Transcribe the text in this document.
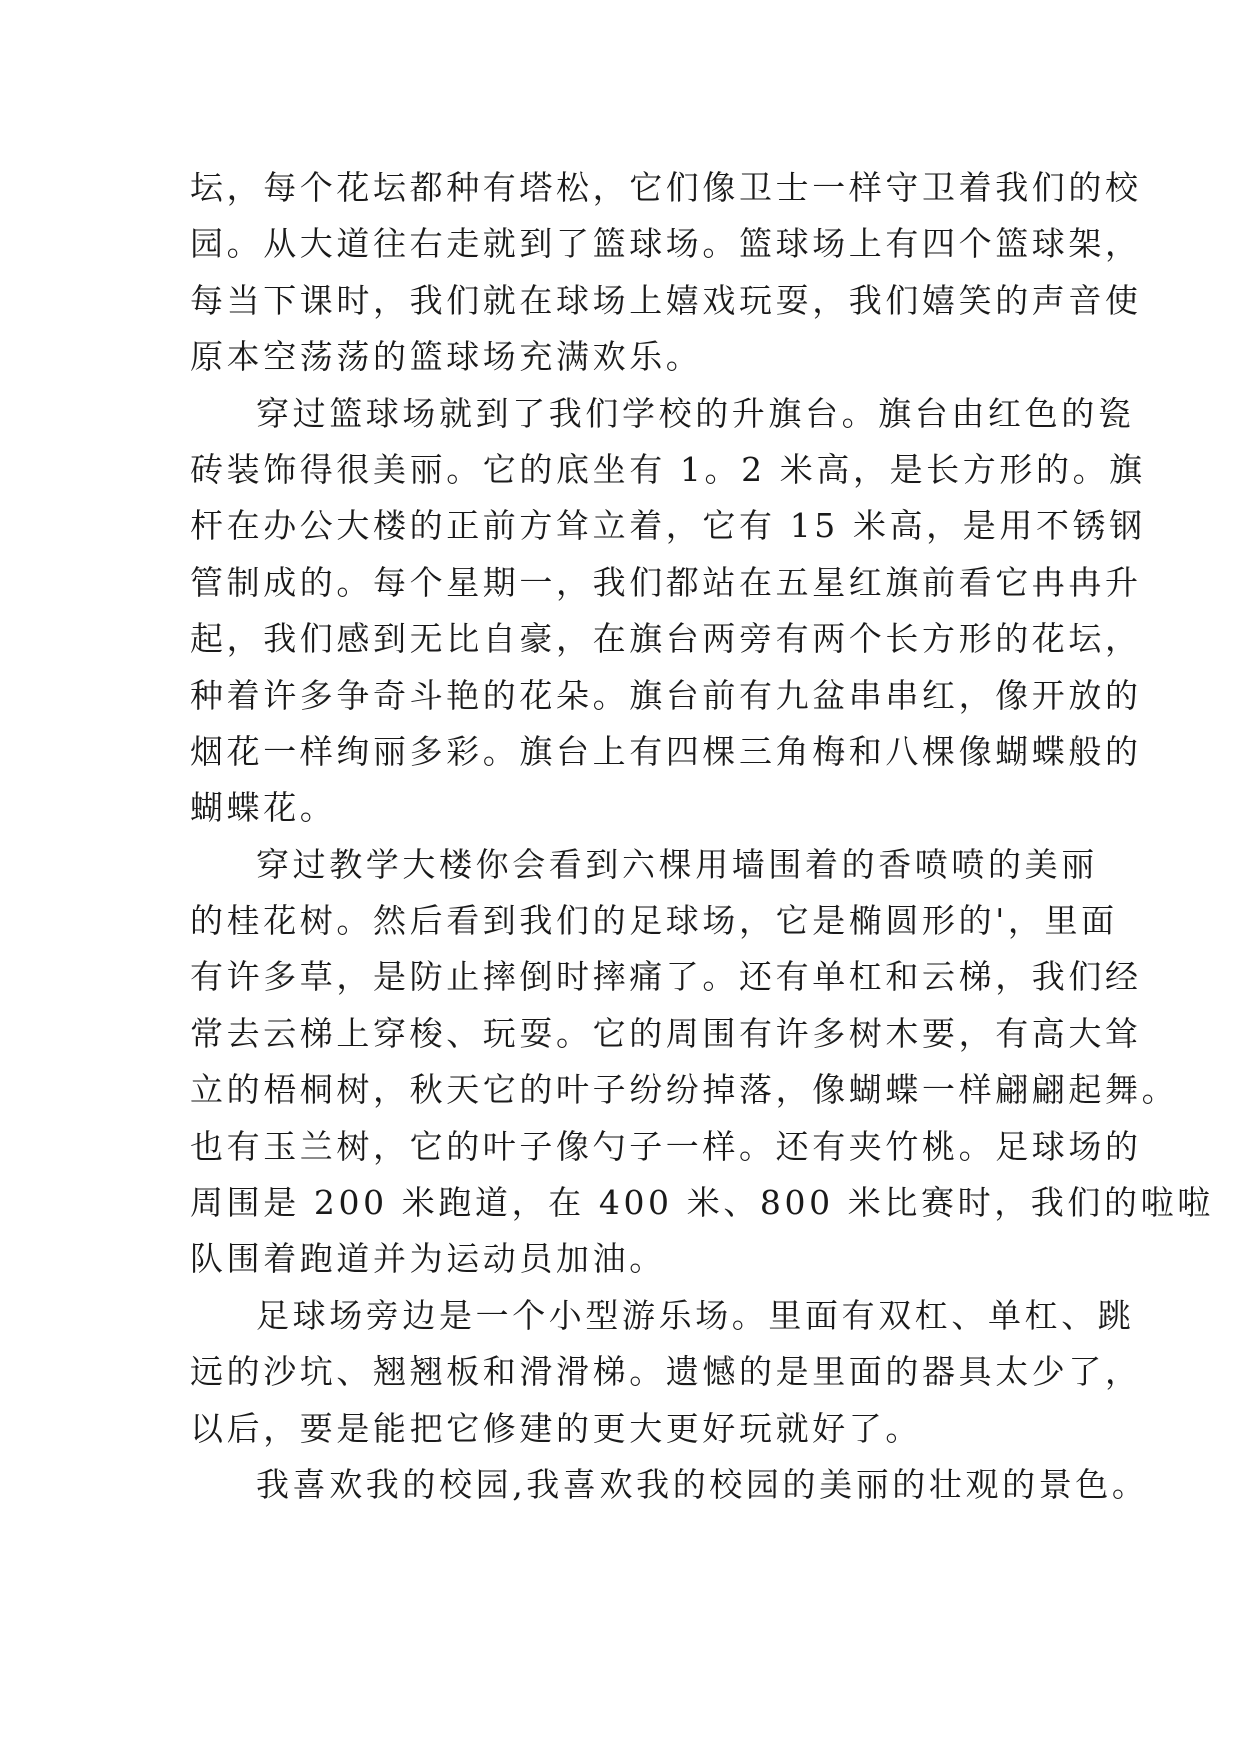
坛，每个花坛都种有塔松，它们像卫士一样守卫着我们的校
园。从大道往右走就到了篮球场。篮球场上有四个篮球架，
每当下课时，我们就在球场上嬉戏玩耍，我们嬉笑的声音使
原本空荡荡的篮球场充满欢乐。
穿过篮球场就到了我们学校的升旗台。旗台由红色的瓷
砖装饰得很美丽。它的底坐有 1。2 米高，是长方形的。旗
杆在办公大楼的正前方耸立着，它有 15 米高，是用不锈钢
管制成的。每个星期一，我们都站在五星红旗前看它冉冉升
起，我们感到无比自豪，在旗台两旁有两个长方形的花坛，
种着许多争奇斗艳的花朵。旗台前有九盆串串红，像开放的
烟花一样绚丽多彩。旗台上有四棵三角梅和八棵像蝴蝶般的
蝴蝶花。
穿过教学大楼你会看到六棵用墙围着的香喷喷的美丽
的桂花树。然后看到我们的足球场，它是椭圆形的'，里面
有许多草，是防止摔倒时摔痛了。还有单杠和云梯，我们经
常去云梯上穿梭、玩耍。它的周围有许多树木要，有高大耸
立的梧桐树，秋天它的叶子纷纷掉落，像蝴蝶一样翩翩起舞。
也有玉兰树，它的叶子像勺子一样。还有夹竹桃。足球场的
周围是 200 米跑道，在 400 米、800 米比赛时，我们的啦啦
队围着跑道并为运动员加油。
足球场旁边是一个小型游乐场。里面有双杠、单杠、跳
远的沙坑、翘翘板和滑滑梯。遗憾的是里面的器具太少了，
以后，要是能把它修建的更大更好玩就好了。
我喜欢我的校园,我喜欢我的校园的美丽的壮观的景色。
